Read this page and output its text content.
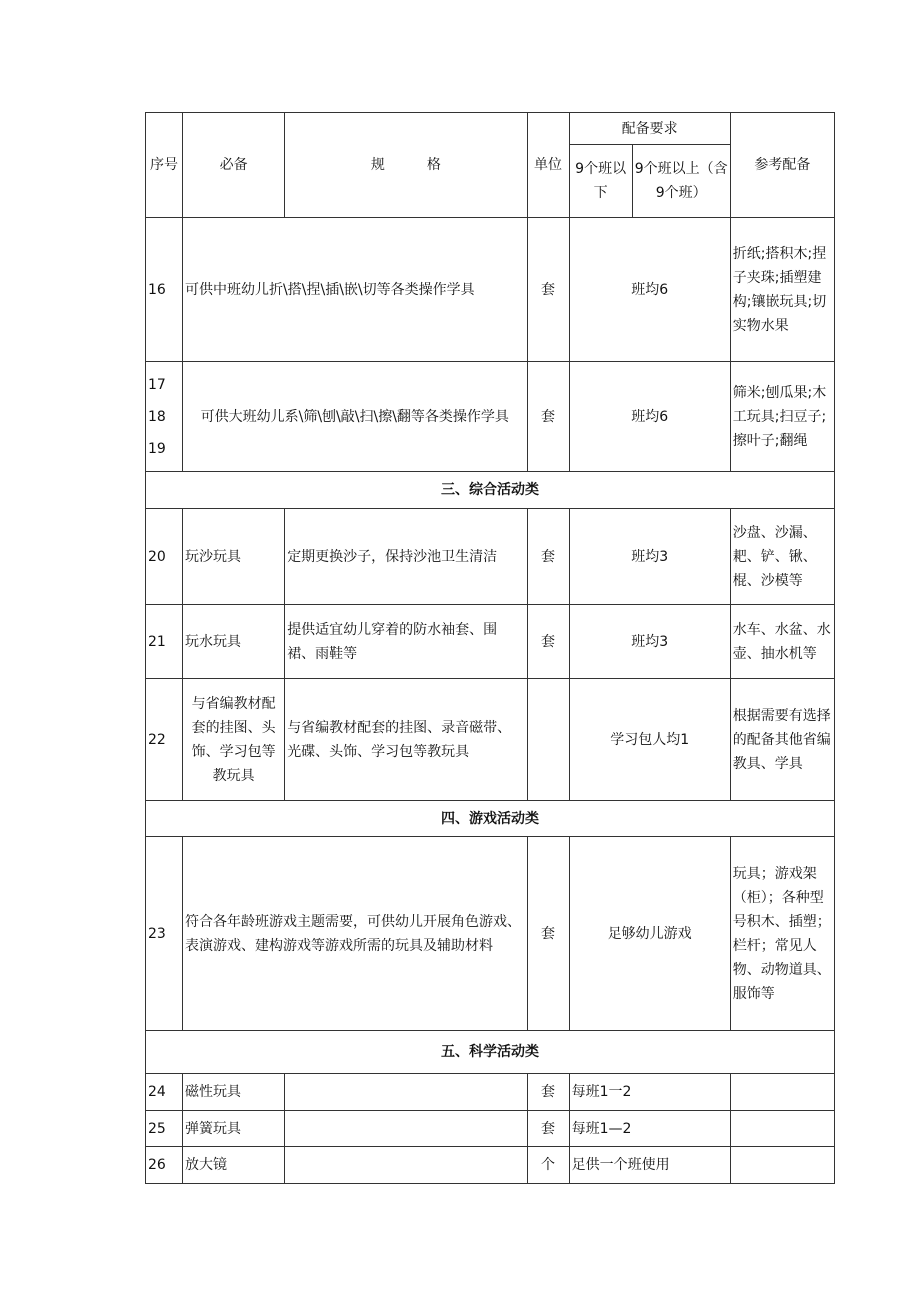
序号	必备	规　　　格	单位	配备要求		参考配备
				9个班以下	9个班以上（含9个班）	
16	可供中班幼儿折\搭\捏\插\嵌\切等各类操作学具		套	班均6		折纸;搭积木;捏子夹珠;插塑建构;镶嵌玩具;切实物水果

17
18
19	可供大班幼儿系\筛\刨\敲\扫\擦\翻等各类操作学具		套	班均6		筛米;刨瓜果;木工玩具;扫豆子;擦叶子;翻绳
三、综合活动类						
20	玩沙玩具	定期更换沙子，保持沙池卫生清洁	套	班均3		沙盘、沙漏、耙、铲、锹、棍、沙模等
21	玩水玩具	提供适宜幼儿穿着的防水袖套、围裙、雨鞋等	套	班均3		水车、水盆、水壶、抽水机等
22	与省编教材配套的挂图、头饰、学习包等教玩具	与省编教材配套的挂图、录音磁带、光碟、头饰、学习包等教玩具		学习包人均1		根据需要有选择的配备其他省编教具、学具
四、游戏活动类						
23	符合各年龄班游戏主题需要，可供幼儿开展角色游戏、表演游戏、建构游戏等游戏所需的玩具及辅助材料		套	足够幼儿游戏		玩具；游戏架（柜）；各种型号积木、插塑；栏杆；常见人物、动物道具、服饰等
五、科学活动类						
24	磁性玩具		套	每班1一2		
25	弹簧玩具		套	每班1—2		
26	放大镜		个	足供一个班使用		
